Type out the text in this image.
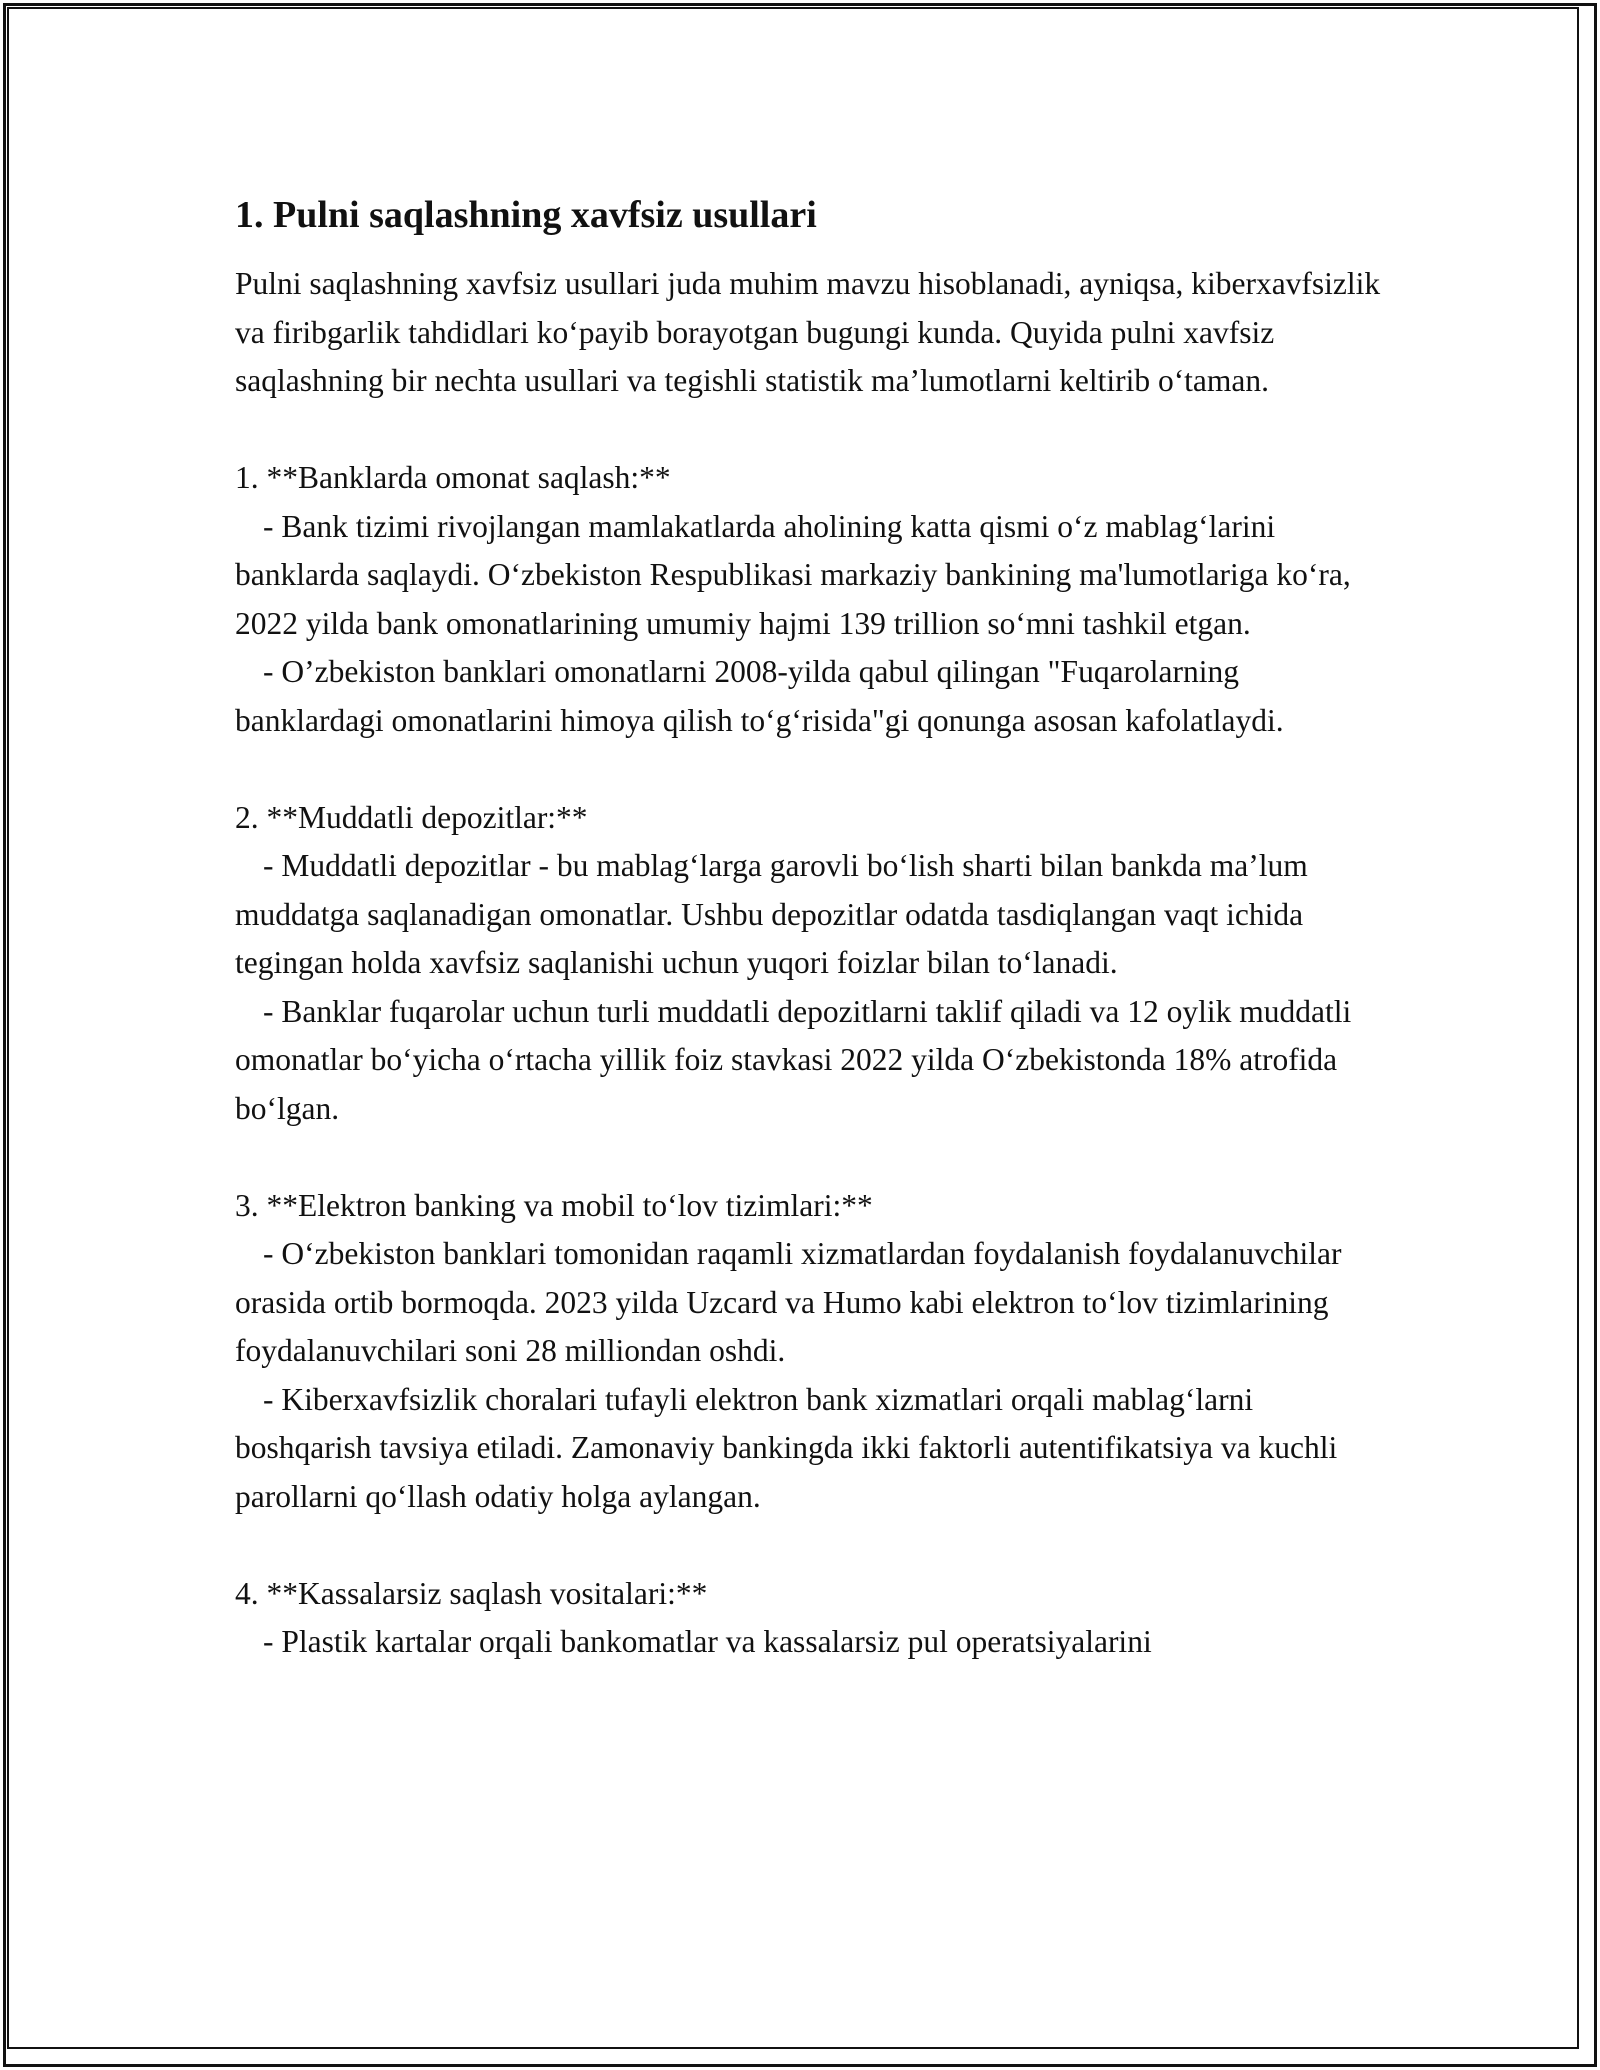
1. Pulni saqlashning xavfsiz usullari

Pulni saqlashning xavfsiz usullari juda muhim mavzu hisoblanadi, ayniqsa, kiberxavfsizlik va firibgarlik tahdidlari ko‘payib borayotgan bugungi kunda. Quyida pulni xavfsiz saqlashning bir nechta usullari va tegishli statistik ma’lumotlarni keltirib o‘taman.

1. **Banklarda omonat saqlash:**

- Bank tizimi rivojlangan mamlakatlarda aholining katta qismi o‘z mablag‘larini banklarda saqlaydi. O‘zbekiston Respublikasi markaziy bankining ma'lumotlariga ko‘ra, 2022 yilda bank omonatlarining umumiy hajmi 139 trillion so‘mni tashkil etgan.

- O’zbekiston banklari omonatlarni 2008-yilda qabul qilingan "Fuqarolarning banklardagi omonatlarini himoya qilish to‘g‘risida"gi qonunga asosan kafolatlaydi.

2. **Muddatli depozitlar:**

- Muddatli depozitlar - bu mablag‘larga garovli bo‘lish sharti bilan bankda ma’lum muddatga saqlanadigan omonatlar. Ushbu depozitlar odatda tasdiqlangan vaqt ichida tegingan holda xavfsiz saqlanishi uchun yuqori foizlar bilan to‘lanadi.

- Banklar fuqarolar uchun turli muddatli depozitlarni taklif qiladi va 12 oylik muddatli omonatlar bo‘yicha o‘rtacha yillik foiz stavkasi 2022 yilda O‘zbekistonda 18% atrofida bo‘lgan.

3. **Elektron banking va mobil to‘lov tizimlari:**

- O‘zbekiston banklari tomonidan raqamli xizmatlardan foydalanish foydalanuvchilar orasida ortib bormoqda. 2023 yilda Uzcard va Humo kabi elektron to‘lov tizimlarining foydalanuvchilari soni 28 milliondan oshdi.

- Kiberxavfsizlik choralari tufayli elektron bank xizmatlari orqali mablag‘larni boshqarish tavsiya etiladi. Zamonaviy bankingda ikki faktorli autentifikatsiya va kuchli parollarni qo‘llash odatiy holga aylangan.

4. **Kassalarsiz saqlash vositalari:**

- Plastik kartalar orqali bankomatlar va kassalarsiz pul operatsiyalarini
